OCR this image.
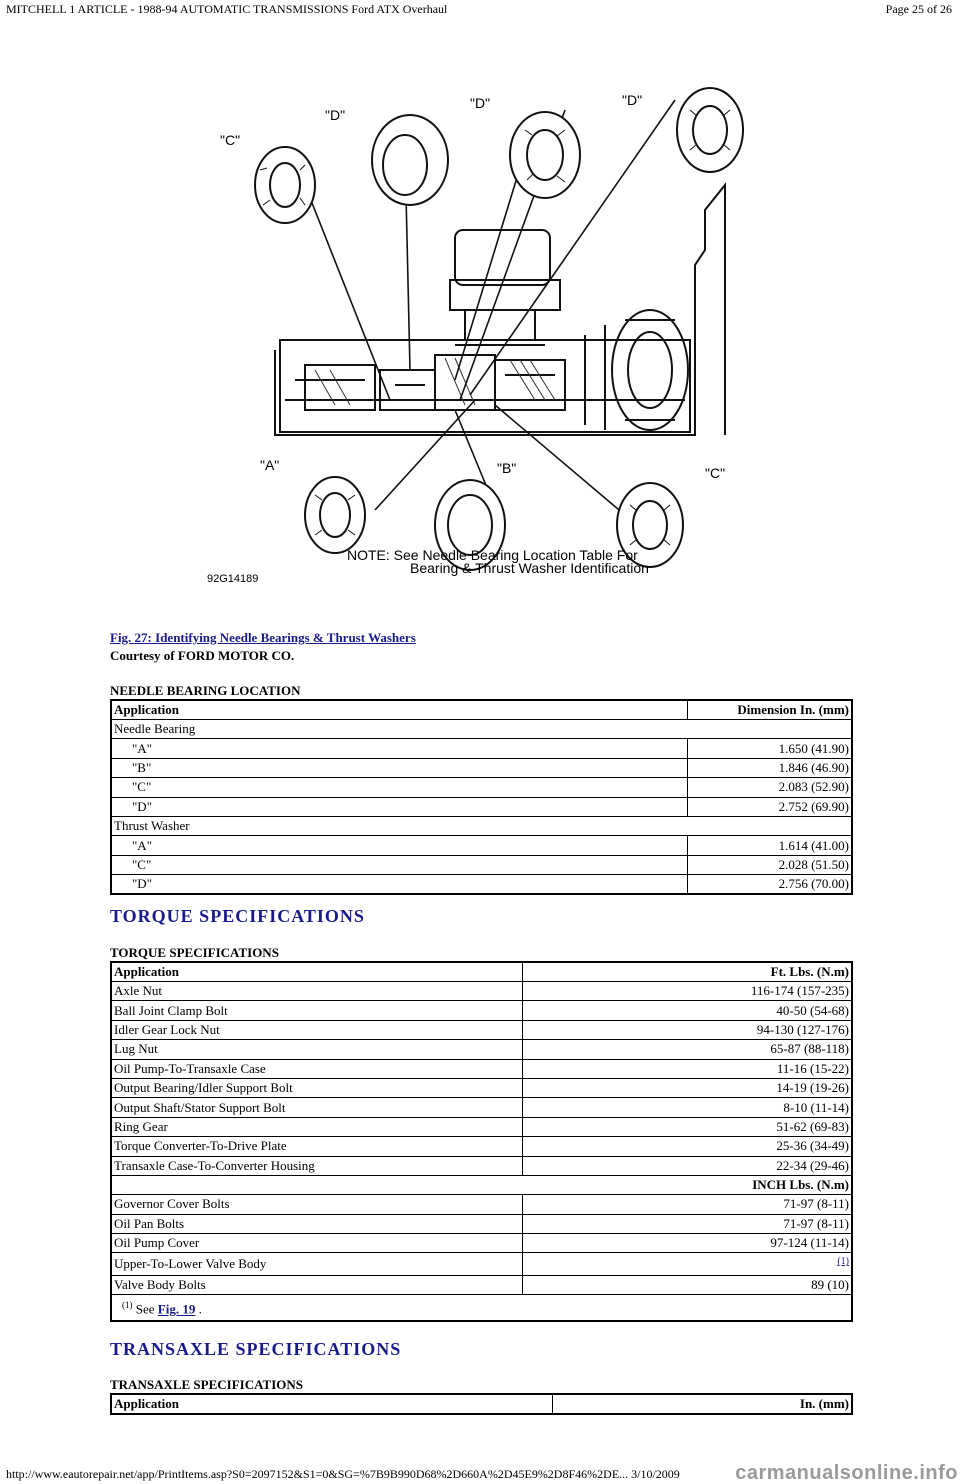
MITCHELL 1 ARTICLE - 1988-94 AUTOMATIC TRANSMISSIONS Ford ATX Overhaul	Page 25 of 26
"C"
"D"
"D"	"D"
"A"	"B"	"C"
NOTE: See Needle Bearing Location Table For
Bearing & Thrust Washer Identification
92G14189
Fig. 27: Identifying Needle Bearings & Thrust Washers
Courtesy of FORD MOTOR CO.
NEEDLE BEARING LOCATION
Application	Dimension In. (mm)
Needle Bearing	
"A"	1.650 (41.90)
"B"	1.846 (46.90)
"C"	2.083 (52.90)
"D"	2.752 (69.90)
Thrust Washer	
"A"	1.614 (41.00)
"C"	2.028 (51.50)
"D"	2.756 (70.00)
TORQUE SPECIFICATIONS
TORQUE SPECIFICATIONS
Application	Ft. Lbs. (N.m)
Axle Nut	116-174 (157-235)
Ball Joint Clamp Bolt	40-50 (54-68)
Idler Gear Lock Nut	94-130 (127-176)
Lug Nut	65-87 (88-118)
Oil Pump-To-Transaxle Case	11-16 (15-22)
Output Bearing/Idler Support Bolt	14-19 (19-26)
Output Shaft/Stator Support Bolt	8-10 (11-14)
Ring Gear	51-62 (69-83)
Torque Converter-To-Drive Plate	25-36 (34-49)
Transaxle Case-To-Converter Housing	22-34 (29-46)
INCH Lbs. (N.m)	
Governor Cover Bolts	71-97 (8-11)
Oil Pan Bolts	71-97 (8-11)
Oil Pump Cover	97-124 (11-14)
Upper-To-Lower Valve Body	$^{(1)}$
Valve Body Bolts	89 (10)
$^{(1)}$ See Fig. 19 .	
TRANSAXLE SPECIFICATIONS
TRANSAXLE SPECIFICATIONS
Application	In. (mm)
http://www.eautorepair.net/app/PrintItems.asp?S0=2097152&S1=0&SG=%7B9B990D68%2D660A%2D45E9%2D8F46%2DE... 3/10/2009	carmanualsonline.info
